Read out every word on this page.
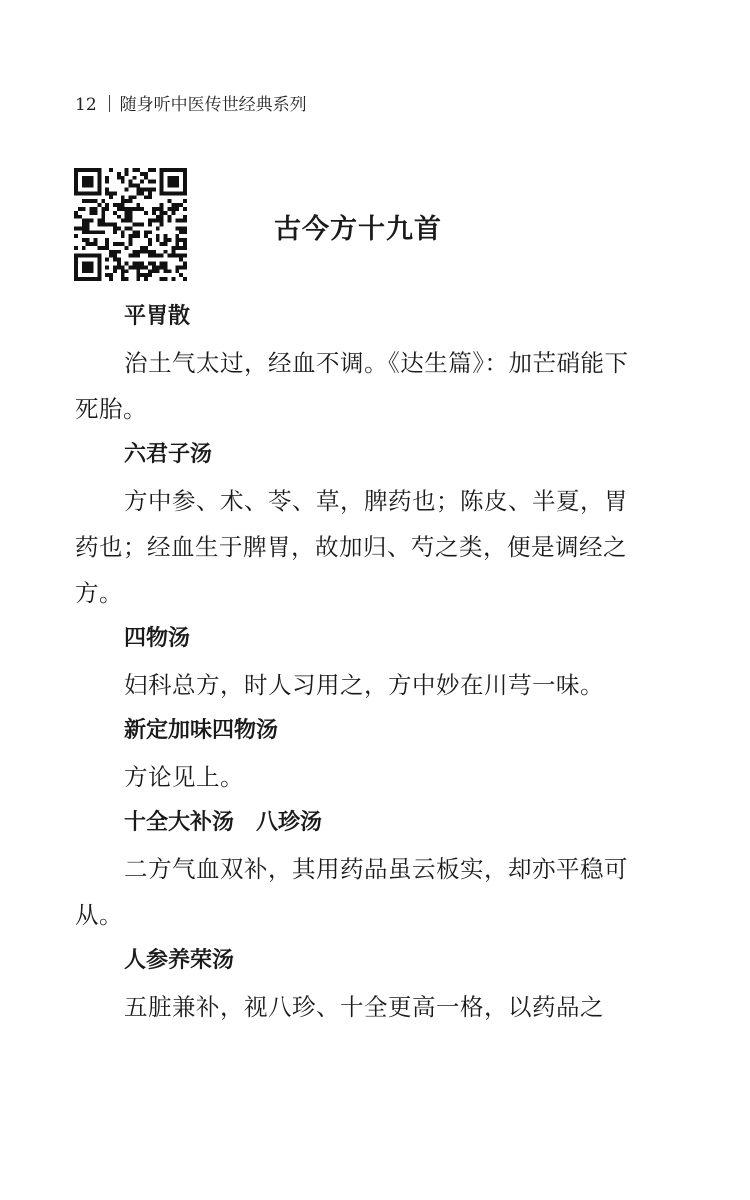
12 随身听中医传世经典系列
古今方十九首
平胃散

治土气太过，经血不调。《达生篇》：加芒硝能下死胎。

六君子汤

方中参、术、苓、草，脾药也；陈皮、半夏，胃药也；经血生于脾胃，故加归、芍之类，便是调经之方。

四物汤

妇科总方，时人习用之，方中妙在川芎一味。

新定加味四物汤

方论见上。

十全大补汤　八珍汤

二方气血双补，其用药品虽云板实，却亦平稳可从。

人参养荣汤

五脏兼补，视八珍、十全更高一格，以药品之
